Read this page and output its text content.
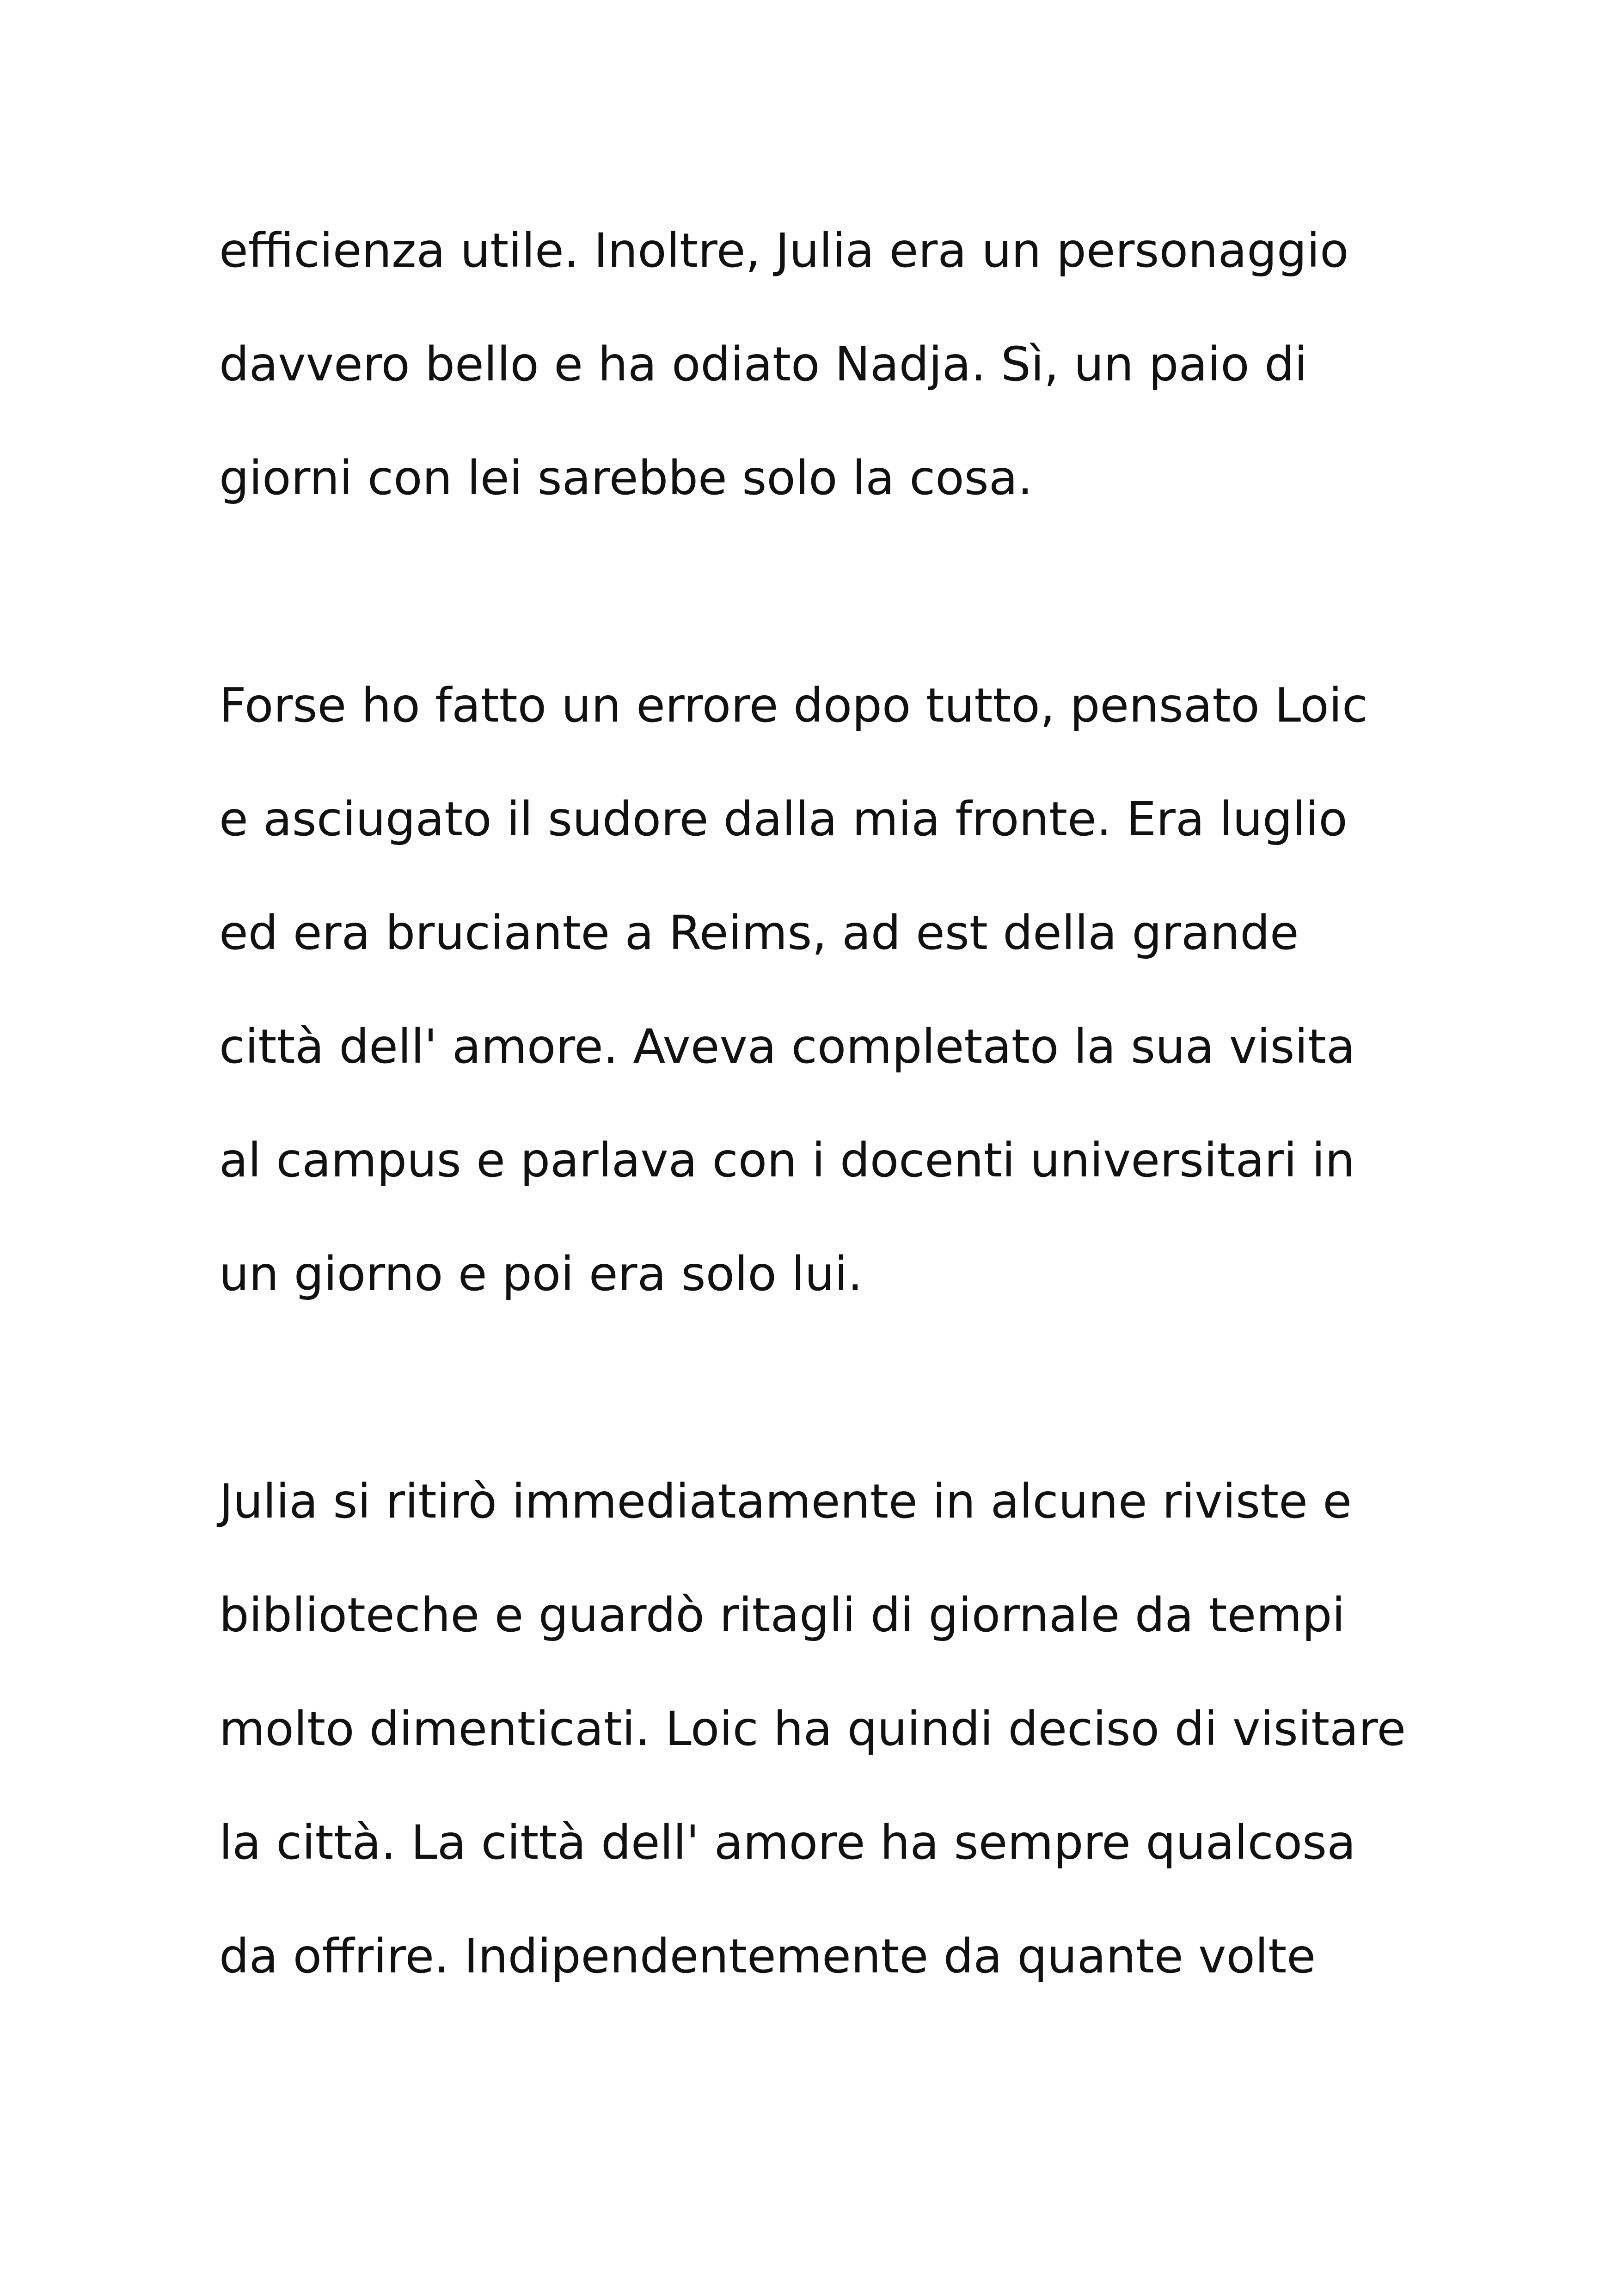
efficienza utile. Inoltre, Julia era un personaggio
davvero bello e ha odiato Nadja. Sì, un paio di
giorni con lei sarebbe solo la cosa.
Forse ho fatto un errore dopo tutto, pensato Loic
e asciugato il sudore dalla mia fronte. Era luglio
ed era bruciante a Reims, ad est della grande
città dell' amore. Aveva completato la sua visita
al campus e parlava con i docenti universitari in
un giorno e poi era solo lui.
Julia si ritirò immediatamente in alcune riviste e
biblioteche e guardò ritagli di giornale da tempi
molto dimenticati. Loic ha quindi deciso di visitare
la città. La città dell' amore ha sempre qualcosa
da offrire. Indipendentemente da quante volte
